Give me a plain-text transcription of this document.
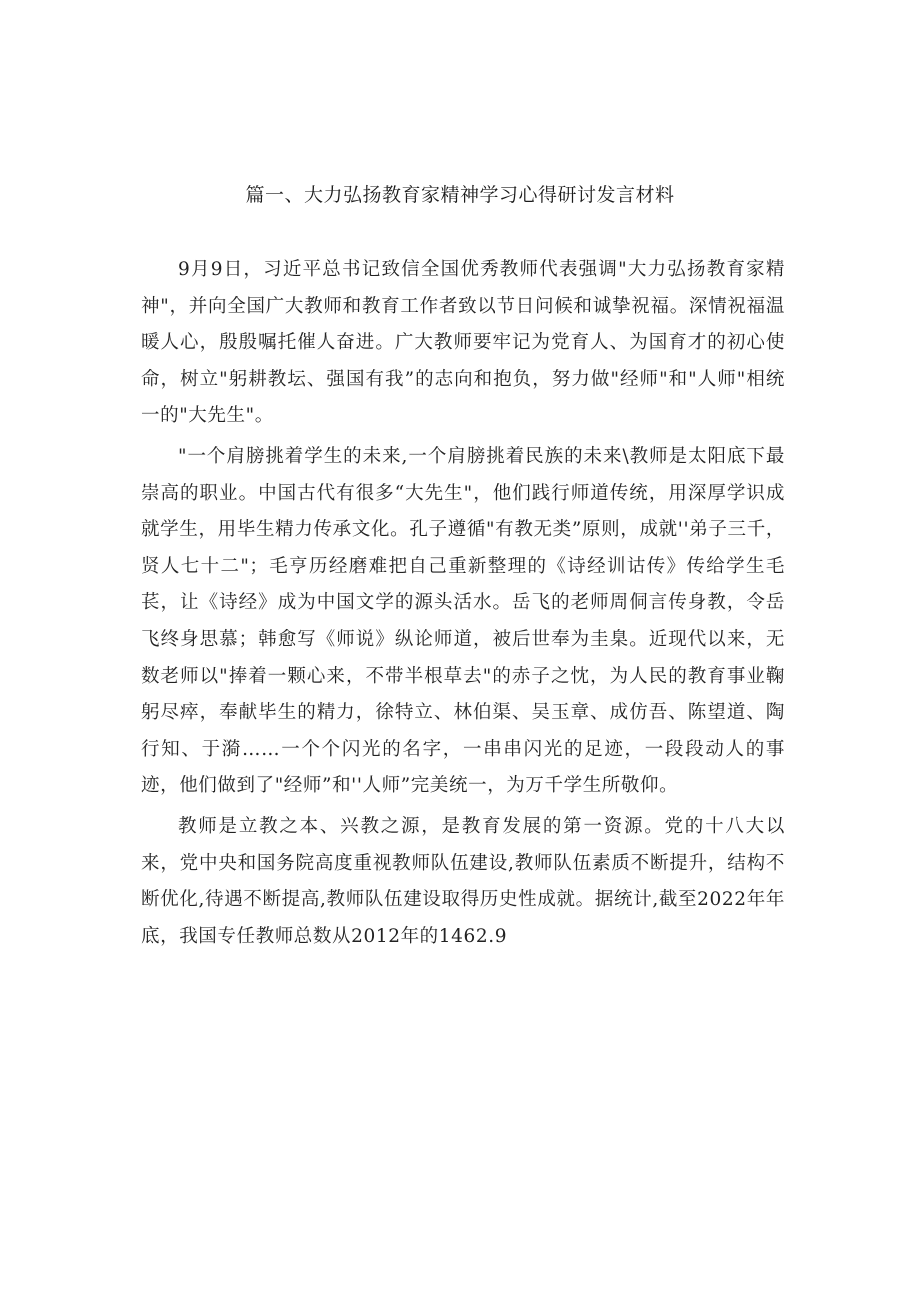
篇一、大力弘扬教育家精神学习心得研讨发言材料

9月9日，习近平总书记致信全国优秀教师代表强调"大力弘扬教育家精神"，并向全国广大教师和教育工作者致以节日问候和诚挚祝福。深情祝福温暖人心，殷殷嘱托催人奋进。广大教师要牢记为党育人、为国育才的初心使命，树立"躬耕教坛、强国有我”的志向和抱负，努力做"经师"和"人师"相统一的"大先生"。

"一个肩膀挑着学生的未来,一个肩膀挑着民族的未来\教师是太阳底下最崇高的职业。中国古代有很多“大先生"，他们践行师道传统，用深厚学识成就学生，用毕生精力传承文化。孔子遵循"有教无类”原则，成就''弟子三千，贤人七十二"；毛亨历经磨难把自己重新整理的《诗经训诂传》传给学生毛苌，让《诗经》成为中国文学的源头活水。岳飞的老师周侗言传身教，令岳飞终身思慕；韩愈写《师说》纵论师道，被后世奉为圭臬。近现代以来，无数老师以"捧着一颗心来，不带半根草去"的赤子之忱，为人民的教育事业鞠躬尽瘁，奉献毕生的精力，徐特立、林伯渠、吴玉章、成仿吾、陈望道、陶行知、于漪……一个个闪光的名字，一串串闪光的足迹，一段段动人的事迹，他们做到了"经师”和''人师”完美统一，为万千学生所敬仰。

教师是立教之本、兴教之源，是教育发展的第一资源。党的十八大以来，党中央和国务院高度重视教师队伍建设,教师队伍素质不断提升，结构不断优化,待遇不断提高,教师队伍建设取得历史性成就。据统计,截至2022年年底，我国专任教师总数从2012年的1462.9
